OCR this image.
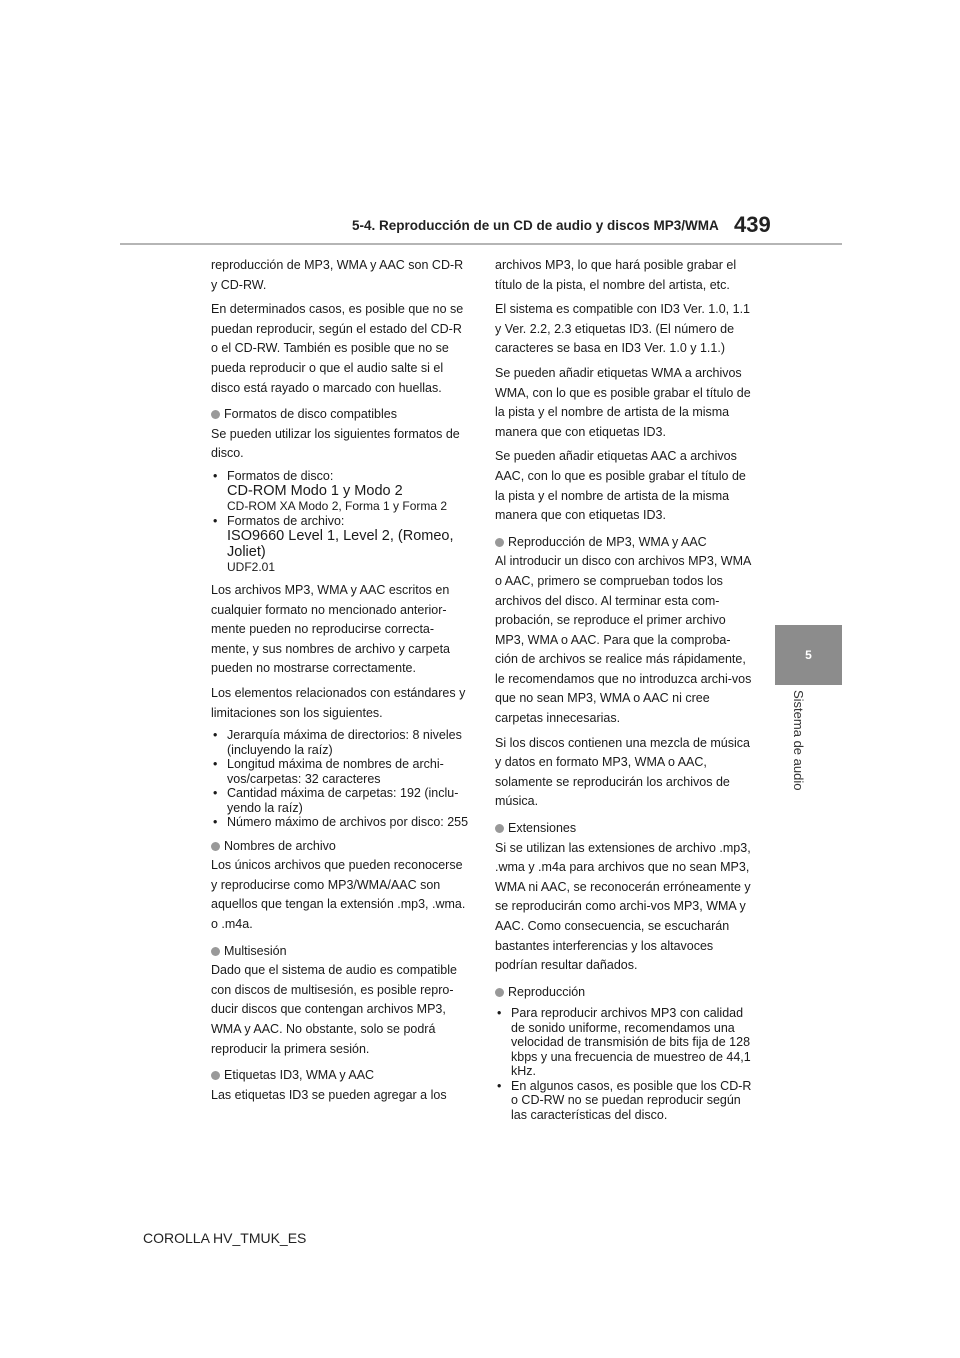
5-4. Reproducción de un CD de audio y discos MP3/WMA 439
5
Sistema de audio

reproducción de MP3, WMA y AAC son CD-R y CD-RW.

En determinados casos, es posible que no se puedan reproducir, según el estado del CD-R o el CD-RW. También es posible que no se pueda reproducir o que el audio salte si el disco está rayado o marcado con huellas.

Formatos de disco compatibles

Se pueden utilizar los siguientes formatos de disco.

• Formatos de disco:
CD-ROM Modo 1 y Modo 2
CD-ROM XA Modo 2, Forma 1 y Forma 2
• Formatos de archivo:
ISO9660 Level 1, Level 2, (Romeo, Joliet)
UDF2.01

Los archivos MP3, WMA y AAC escritos en cualquier formato no mencionado anterior-mente pueden no reproducirse correcta-mente, y sus nombres de archivo y carpeta pueden no mostrarse correctamente.

Los elementos relacionados con estándares y limitaciones son los siguientes.

• Jerarquía máxima de directorios: 8 niveles (incluyendo la raíz)
• Longitud máxima de nombres de archi-vos/carpetas: 32 caracteres
• Cantidad máxima de carpetas: 192 (inclu-yendo la raíz)
• Número máximo de archivos por disco: 255
Nombres de archivo

Los únicos archivos que pueden reconocerse y reproducirse como MP3/WMA/AAC son aquellos que tengan la extensión .mp3, .wma. o .m4a.

Multisesión

Dado que el sistema de audio es compatible con discos de multisesión, es posible repro-ducir discos que contengan archivos MP3, WMA y AAC. No obstante, solo se podrá reproducir la primera sesión.

Etiquetas ID3, WMA y AAC

Las etiquetas ID3 se pueden agregar a los

archivos MP3, lo que hará posible grabar el título de la pista, el nombre del artista, etc.

El sistema es compatible con ID3 Ver. 1.0, 1.1 y Ver. 2.2, 2.3 etiquetas ID3. (El número de caracteres se basa en ID3 Ver. 1.0 y 1.1.)

Se pueden añadir etiquetas WMA a archivos WMA, con lo que es posible grabar el título de la pista y el nombre de artista de la misma manera que con etiquetas ID3.

Se pueden añadir etiquetas AAC a archivos AAC, con lo que es posible grabar el título de la pista y el nombre de artista de la misma manera que con etiquetas ID3.

Reproducción de MP3, WMA y AAC

Al introducir un disco con archivos MP3, WMA o AAC, primero se comprueban todos los archivos del disco. Al terminar esta com-probación, se reproduce el primer archivo MP3, WMA o AAC. Para que la comproba-ción de archivos se realice más rápidamente, le recomendamos que no introduzca archi-vos que no sean MP3, WMA o AAC ni cree carpetas innecesarias.

Si los discos contienen una mezcla de música y datos en formato MP3, WMA o AAC, solamente se reproducirán los archivos de música.

Extensiones

Si se utilizan las extensiones de archivo .mp3, .wma y .m4a para archivos que no sean MP3, WMA ni AAC, se reconocerán erróneamente y se reproducirán como archi-vos MP3, WMA y AAC. Como consecuencia, se escucharán bastantes interferencias y los altavoces podrían resultar dañados.

Reproducción
• Para reproducir archivos MP3 con calidad de sonido uniforme, recomendamos una velocidad de transmisión de bits fija de 128 kbps y una frecuencia de muestreo de 44,1 kHz.
• En algunos casos, es posible que los CD-R o CD-RW no se puedan reproducir según las características del disco.
COROLLA HV_TMUK_ES
